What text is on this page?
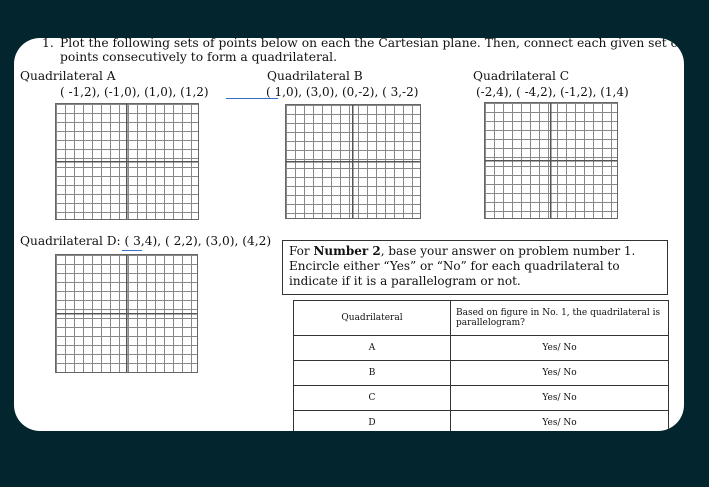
1. Plot the following sets of points below on each the Cartesian plane. Then, connect each given set of points consecutively to form a quadrilateral.
Quadrilateral A
( -1,2), (-1,0), (1,0), (1,2)
Quadrilateral B
( 1,0), (3,0), (0,-2), ( 3,-2)
Quadrilateral C
(-2,4), ( -4,2), (-1,2), (1,4)
Quadrilateral D: ( 3,4), ( 2,2), (3,0), (4,2)
For Number 2, base your answer on problem number 1. Encircle either “Yes” or “No” for each quadrilateral to indicate if it is a parallelogram or not.
Quadrilateral	Based on figure in No. 1, the quadrilateral is parallelogram?
A	Yes/ No
B	Yes/ No
C	Yes/ No
D	Yes/ No
